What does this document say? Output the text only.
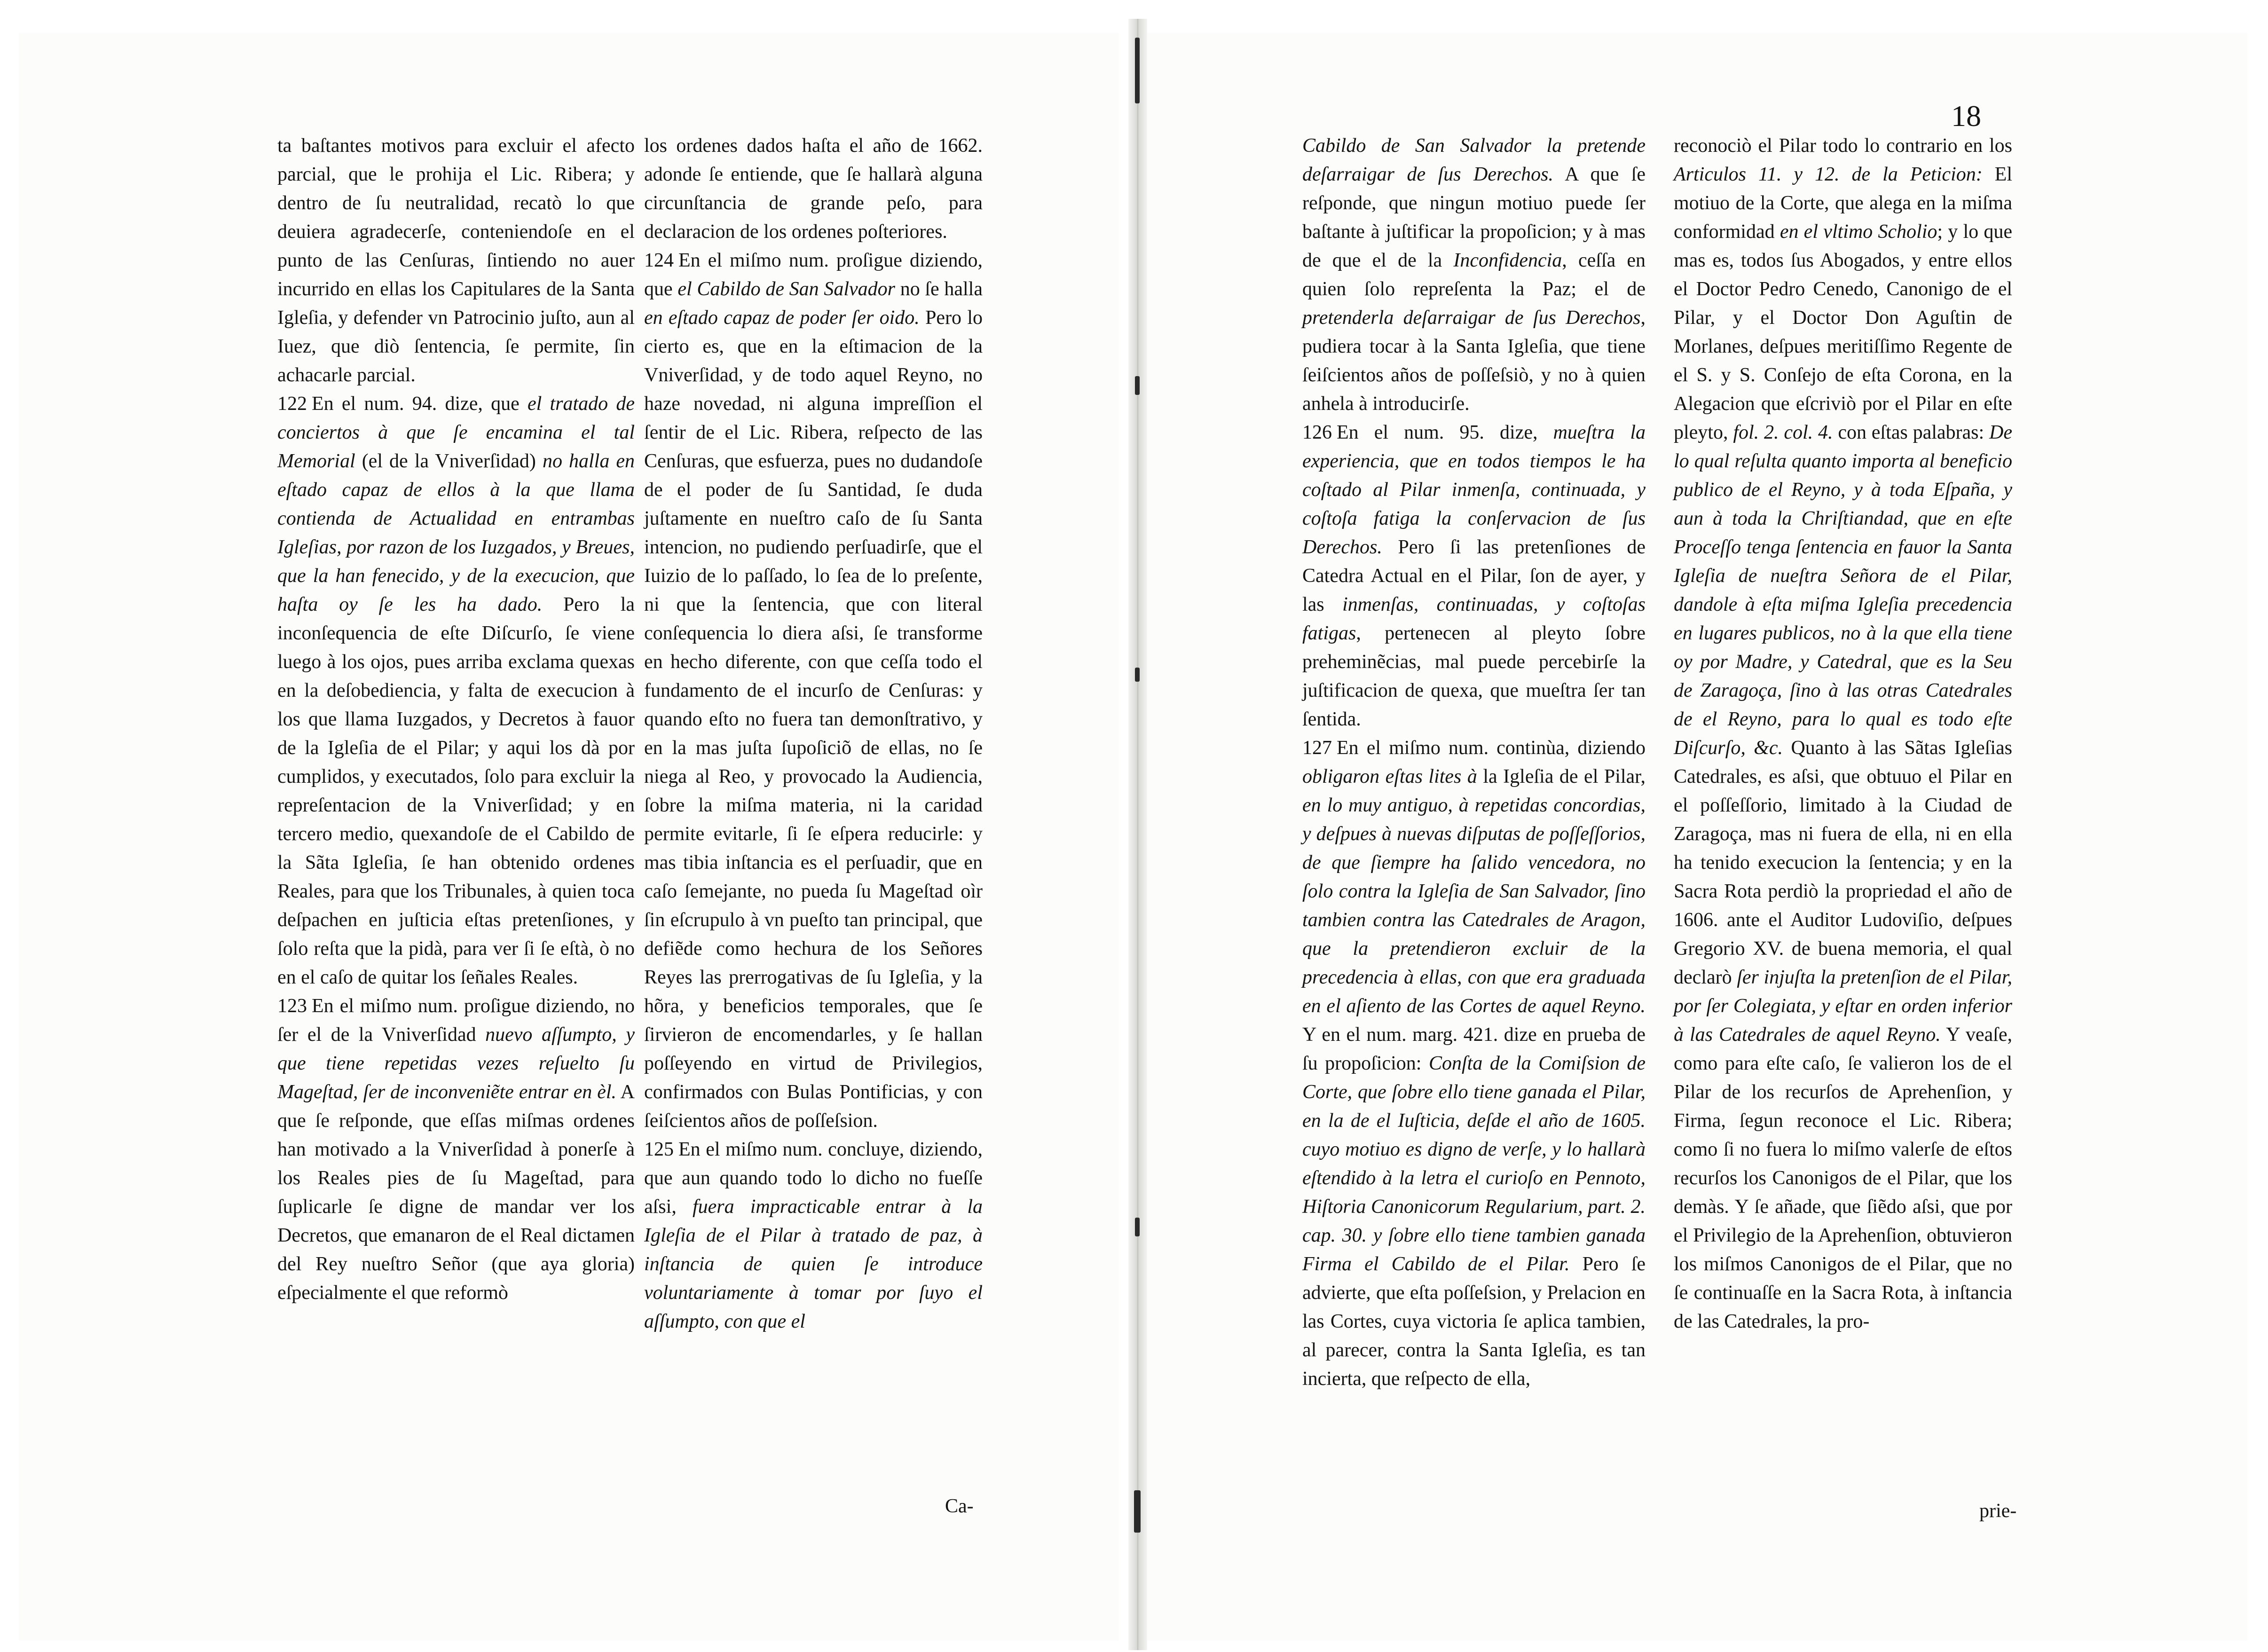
18

ta baſtantes motivos para excluir el afecto parcial, que le prohija el Lic. Ribera; y dentro de ſu neutralidad, recatò lo que deuiera agradecerſe, conteniendoſe en el punto de las Cenſuras, ſintiendo no auer incurrido en ellas los Capitulares de la Santa Igleſia, y defender vn Patrocinio juſto, aun al Iuez, que diò ſentencia, ſe permite, ſin achacarle parcial.

122 En el num. 94. dize, que el tratado de conciertos à que ſe encamina el tal Memorial (el de la Vniverſidad) no halla en eſtado capaz de ellos à la que llama contienda de Actualidad en entrambas Igleſias, por razon de los Iuzgados, y Breues, que la han fenecido, y de la execucion, que haſta oy ſe les ha dado. Pero la inconſequencia de eſte Diſcurſo, ſe viene luego à los ojos, pues arriba exclama quexas en la deſobediencia, y falta de execucion à los que llama Iuzgados, y Decretos à fauor de la Igleſia de el Pilar; y aqui los dà por cumplidos, y executados, ſolo para excluir la repreſentacion de la Vniverſidad; y en tercero medio, quexandoſe de el Cabildo de la Sãta Igleſia, ſe han obtenido ordenes Reales, para que los Tribunales, à quien toca deſpachen en juſticia eſtas pretenſiones, y ſolo reſta que la pidà, para ver ſi ſe eſtà, ò no en el caſo de quitar los ſeñales Reales.

123 En el miſmo num. proſigue diziendo, no ſer el de la Vniverſidad nuevo aſſumpto, y que tiene repetidas vezes reſuelto ſu Mageſtad, ſer de inconveniẽte entrar en èl. A que ſe reſponde, que eſſas miſmas ordenes han motivado a la Vniverſidad à ponerſe à los Reales pies de ſu Mageſtad, para ſuplicarle ſe digne de mandar ver los Decretos, que emanaron de el Real dictamen del Rey nueſtro Señor (que aya gloria) eſpecialmente el que reformò

los ordenes dados haſta el año de 1662. adonde ſe entiende, que ſe hallarà alguna circunſtancia de grande peſo, para declaracion de los ordenes poſteriores.

124 En el miſmo num. proſigue diziendo, que el Cabildo de San Salvador no ſe halla en eſtado capaz de poder ſer oido. Pero lo cierto es, que en la eſtimacion de la Vniverſidad, y de todo aquel Reyno, no haze novedad, ni alguna impreſſion el ſentir de el Lic. Ribera, reſpecto de las Cenſuras, que esfuerza, pues no dudandoſe de el poder de ſu Santidad, ſe duda juſtamente en nueſtro caſo de ſu Santa intencion, no pudiendo perſuadirſe, que el Iuizio de lo paſſado, lo ſea de lo preſente, ni que la ſentencia, que con literal conſequencia lo diera aſsi, ſe transforme en hecho diferente, con que ceſſa todo el fundamento de el incurſo de Cenſuras: y quando eſto no fuera tan demonſtrativo, y en la mas juſta ſupoſiciõ de ellas, no ſe niega al Reo, y provocado la Audiencia, ſobre la miſma materia, ni la caridad permite evitarle, ſi ſe eſpera reducirle: y mas tibia inſtancia es el perſuadir, que en caſo ſemejante, no pueda ſu Mageſtad oìr ſin eſcrupulo à vn pueſto tan principal, que defiẽde como hechura de los Señores Reyes las prerrogativas de ſu Igleſia, y la hõra, y beneficios temporales, que ſe ſirvieron de encomendarles, y ſe hallan poſſeyendo en virtud de Privilegios, confirmados con Bulas Pontificias, y con ſeiſcientos años de poſſeſsion.

125 En el miſmo num. concluye, diziendo, que aun quando todo lo dicho no fueſſe aſsi, fuera impracticable entrar à la Igleſia de el Pilar à tratado de paz, à inſtancia de quien ſe introduce voluntariamente à tomar por ſuyo el aſſumpto, con que el

Cabildo de San Salvador la pretende deſarraigar de ſus Derechos. A que ſe reſponde, que ningun motiuo puede ſer baſtante à juſtificar la propoſicion; y à mas de que el de la Inconfidencia, ceſſa en quien ſolo repreſenta la Paz; el de pretenderla deſarraigar de ſus Derechos, pudiera tocar à la Santa Igleſia, que tiene ſeiſcientos años de poſſeſsiò, y no à quien anhela à introducirſe.

126 En el num. 95. dize, mueſtra la experiencia, que en todos tiempos le ha coſtado al Pilar inmenſa, continuada, y coſtoſa fatiga la conſervacion de ſus Derechos. Pero ſi las pretenſiones de Catedra Actual en el Pilar, ſon de ayer, y las inmenſas, continuadas, y coſtoſas fatigas, pertenecen al pleyto ſobre preheminẽcias, mal puede percebirſe la juſtificacion de quexa, que mueſtra ſer tan ſentida.

127 En el miſmo num. continùa, diziendo obligaron eſtas lites à la Igleſia de el Pilar, en lo muy antiguo, à repetidas concordias, y deſpues à nuevas diſputas de poſſeſſorios, de que ſiempre ha ſalido vencedora, no ſolo contra la Igleſia de San Salvador, ſino tambien contra las Catedrales de Aragon, que la pretendieron excluir de la precedencia à ellas, con que era graduada en el aſiento de las Cortes de aquel Reyno. Y en el num. marg. 421. dize en prueba de ſu propoſicion: Conſta de la Comiſsion de Corte, que ſobre ello tiene ganada el Pilar, en la de el Iuſticia, deſde el año de 1605. cuyo motiuo es digno de verſe, y lo hallarà eſtendido à la letra el curioſo en Pennoto, Hiſtoria Canonicorum Regularium, part. 2. cap. 30. y ſobre ello tiene tambien ganada Firma el Cabildo de el Pilar. Pero ſe advierte, que eſta poſſeſsion, y Prelacion en las Cortes, cuya victoria ſe aplica tambien, al parecer, contra la Santa Igleſia, es tan incierta, que reſpecto de ella,

reconociò el Pilar todo lo contrario en los Articulos 11. y 12. de la Peticion: El motiuo de la Corte, que alega en la miſma conformidad en el vltimo Scholio; y lo que mas es, todos ſus Abogados, y entre ellos el Doctor Pedro Cenedo, Canonigo de el Pilar, y el Doctor Don Aguſtin de Morlanes, deſpues meritiſſimo Regente de el S. y S. Conſejo de eſta Corona, en la Alegacion que eſcriviò por el Pilar en eſte pleyto, fol. 2. col. 4. con eſtas palabras: De lo qual reſulta quanto importa al beneficio publico de el Reyno, y à toda Eſpaña, y aun à toda la Chriſtiandad, que en eſte Proceſſo tenga ſentencia en fauor la Santa Igleſia de nueſtra Señora de el Pilar, dandole à eſta miſma Igleſia precedencia en lugares publicos, no à la que ella tiene oy por Madre, y Catedral, que es la Seu de Zaragoça, ſino à las otras Catedrales de el Reyno, para lo qual es todo eſte Diſcurſo, &c. Quanto à las Sãtas Igleſias Catedrales, es aſsi, que obtuuo el Pilar en el poſſeſſorio, limitado à la Ciudad de Zaragoça, mas ni fuera de ella, ni en ella ha tenido execucion la ſentencia; y en la Sacra Rota perdiò la propriedad el año de 1606. ante el Auditor Ludoviſio, deſpues Gregorio XV. de buena memoria, el qual declarò ſer injuſta la pretenſion de el Pilar, por ſer Colegiata, y eſtar en orden inferior à las Catedrales de aquel Reyno. Y veaſe, como para eſte caſo, ſe valieron los de el Pilar de los recurſos de Aprehenſion, y Firma, ſegun reconoce el Lic. Ribera; como ſi no fuera lo miſmo valerſe de eſtos recurſos los Canonigos de el Pilar, que los demàs. Y ſe añade, que ſiẽdo aſsi, que por el Privilegio de la Aprehenſion, obtuvieron los miſmos Canonigos de el Pilar, que no ſe continuaſſe en la Sacra Rota, à inſtancia de las Catedrales, la pro-

Ca-	prie-
